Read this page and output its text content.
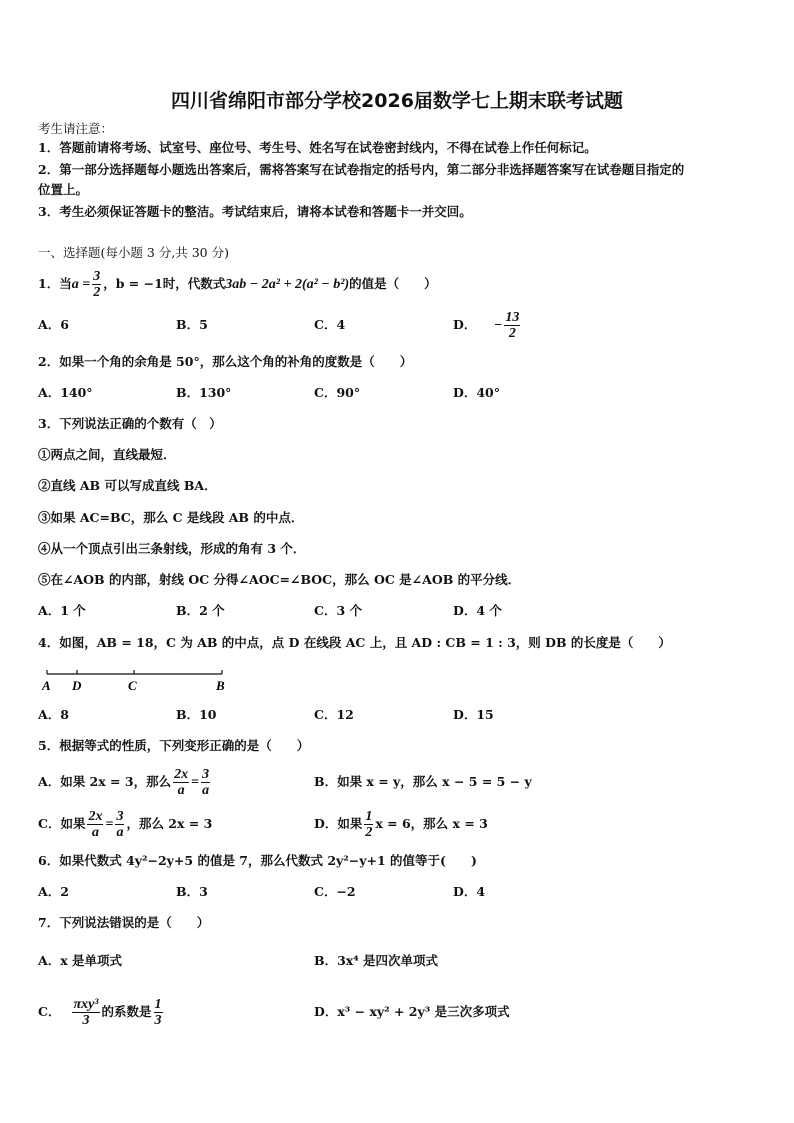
四川省绵阳市部分学校2026届数学七上期末联考试题
考生请注意：
1．答题前请将考场、试室号、座位号、考生号、姓名写在试卷密封线内，不得在试卷上作任何标记。
2．第一部分选择题每小题选出答案后，需将答案写在试卷指定的括号内，第二部分非选择题答案写在试卷题目指定的
位置上。
3．考生必须保证答题卡的整洁。考试结束后，请将本试卷和答题卡一并交回。
一、选择题(每小题 3 分,共 30 分)
1．当$a = \frac{3}{2}$ ，b = −1时，代数式3ab − 2a² + 2(a² − b²)的值是（　　）
A．6	B．5	C．4	D． − $\frac{13}{2}$
2．如果一个角的余角是 50°，那么这个角的补角的度数是（　　）
A．140°	B．130°	C．90°	D．40°
3．下列说法正确的个数有（　）
①两点之间，直线最短．
②直线 AB 可以写成直线 BA．
③如果 AC=BC，那么 C 是线段 AB 的中点．
④从一个顶点引出三条射线，形成的角有 3 个．
⑤在∠AOB 的内部，射线 OC 分得∠AOC=∠BOC，那么 OC 是∠AOB 的平分线．
A．1 个	B．2 个	C．3 个	D．4 个
4．如图，AB = 18，C 为 AB 的中点，点 D 在线段 AC 上，且 AD : CB = 1 : 3，则 DB 的长度是（　　）
A D	C	B
A．8	B．10	C．12	D．15
5．根据等式的性质，下列变形正确的是（　　）
A．如果 2x = 3，那么 $\frac{2x}{a} = \frac{3}{a}$	B．如果 x = y，那么 x − 5 = 5 − y
C．如果 $\frac{2x}{a} = \frac{3}{a}$ ，那么 2x = 3	D．如果 $\frac{1}{2}$ x = 6，那么 x = 3
6．如果代数式 4y²−2y+5 的值是 7，那么代数式 2y²−y+1 的值等于(　　)
A．2	B．3	C．−2	D．4
7．下列说法错误的是（　　）
A．x 是单项式	B．3x⁴ 是四次单项式
C． $\frac{\text{πxy³}}{3}$ 的系数是 $\frac{1}{3}$	D．x³ − xy² + 2y³ 是三次多项式
